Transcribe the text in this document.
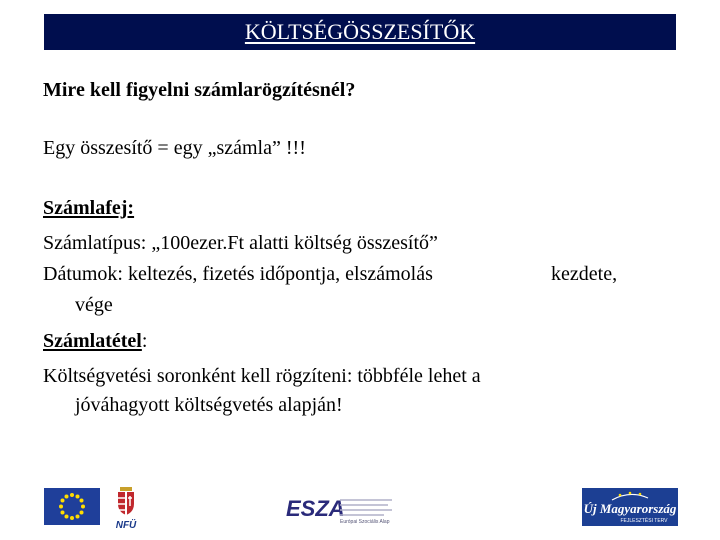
KÖLTSÉGÖSSZESÍTŐK
Mire kell figyelni számlarögzítésnél?
Egy összesítő = egy „számla” !!!
Számlafej:
Számlatípus: „100ezer.Ft alatti költség összesítő”
Dátumok: keltezés, fizetés időpontja, elszámolás	kezdete,
vége
Számlatétel:
Költségvetési soronként kell rögzíteni: többféle lehet a
jóváhagyott költségvetés alapján!
NFÜ
ESZA
Európai Szociális Alap
Új Magyarország
FEJLESZTÉSI TERV
